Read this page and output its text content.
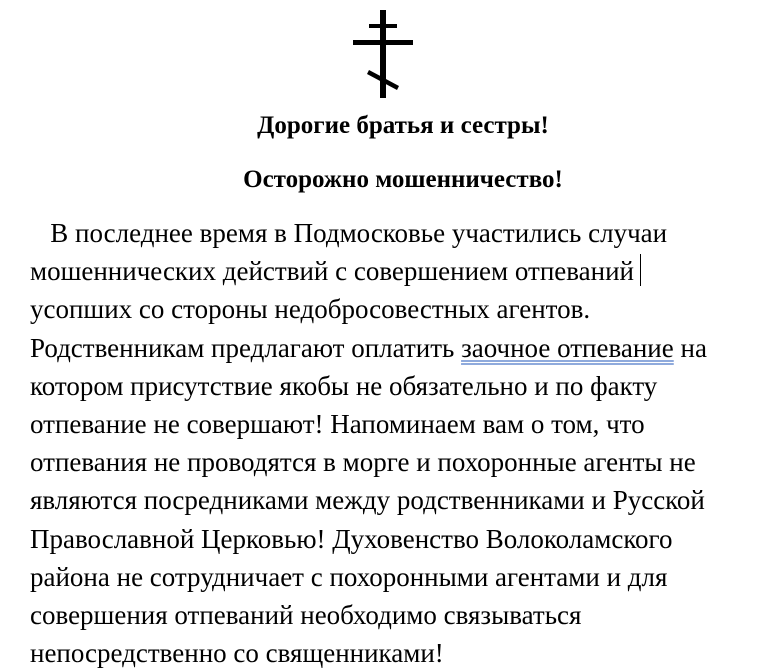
Дорогие братья и сестры!
Осторожно мошенничество!
В последнее время в Подмосковье участились случаи
мошеннических действий с совершением отпеваний
усопших со стороны недобросовестных агентов.
Родственникам предлагают оплатить заочное отпевание на
котором присутствие якобы не обязательно и по факту
отпевание не совершают! Напоминаем вам о том, что
отпевания не проводятся в морге и похоронные агенты не
являются посредниками между родственниками и Русской
Православной Церковью! Духовенство Волоколамского
района не сотрудничает с похоронными агентами и для
совершения отпеваний необходимо связываться
непосредственно со священниками!
